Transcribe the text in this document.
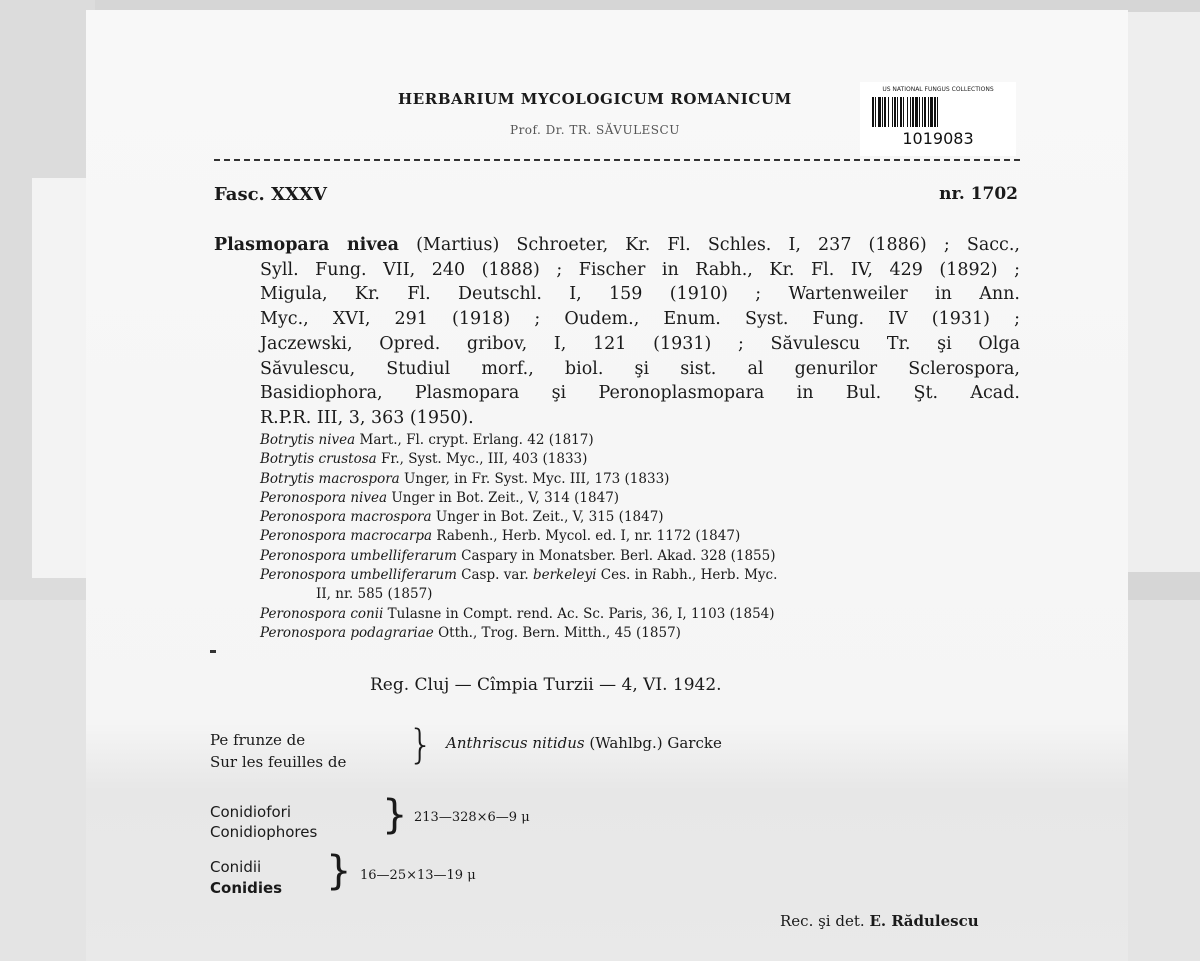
HERBARIUM MYCOLOGICUM ROMANICUM
Prof. Dr. TR. SĂVULESCU
US NATIONAL FUNGUS COLLECTIONS
1019083
Fasc. XXXV	nr. 1702
Plasmopara nivea (Martius) Schroeter, Kr. Fl. Schles. I, 237 (1886) ; Sacc.,
Syll. Fung. VII, 240 (1888) ; Fischer in Rabh., Kr. Fl. IV, 429 (1892) ;
Migula, Kr. Fl. Deutschl. I, 159 (1910) ; Wartenweiler in Ann.
Myc., XVI, 291 (1918) ; Oudem., Enum. Syst. Fung. IV (1931) ;
Jaczewski, Opred. gribov, I, 121 (1931) ; Săvulescu Tr. şi Olga
Săvulescu, Studiul morf., biol. şi sist. al genurilor Sclerospora,
Basidiophora, Plasmopara şi Peronoplasmopara in Bul. Şt. Acad.
R.P.R. III, 3, 363 (1950).
Botrytis nivea Mart., Fl. crypt. Erlang. 42 (1817)
Botrytis crustosa Fr., Syst. Myc., III, 403 (1833)
Botrytis macrospora Unger, in Fr. Syst. Myc. III, 173 (1833)
Peronospora nivea Unger in Bot. Zeit., V, 314 (1847)
Peronospora macrospora Unger in Bot. Zeit., V, 315 (1847)
Peronospora macrocarpa Rabenh., Herb. Mycol. ed. I, nr. 1172 (1847)
Peronospora umbelliferarum Caspary in Monatsber. Berl. Akad. 328 (1855)
Peronospora umbelliferarum Casp. var. berkeleyi Ces. in Rabh., Herb. Myc.
II, nr. 585 (1857)
Peronospora conii Tulasne in Compt. rend. Ac. Sc. Paris, 36, I, 1103 (1854)
Peronospora podagrariae Otth., Trog. Bern. Mitth., 45 (1857)
Reg. Cluj — Cîmpia Turzii — 4, VI. 1942.
Pe frunze de
Sur les feuilles de } Anthriscus nitidus (Wahlbg.) Garcke
Conidiofori
Conidiophores } 213—328×6—9 μ
Conidii
Conidies } 16—25×13—19 μ
Rec. şi det. E. Rădulescu
